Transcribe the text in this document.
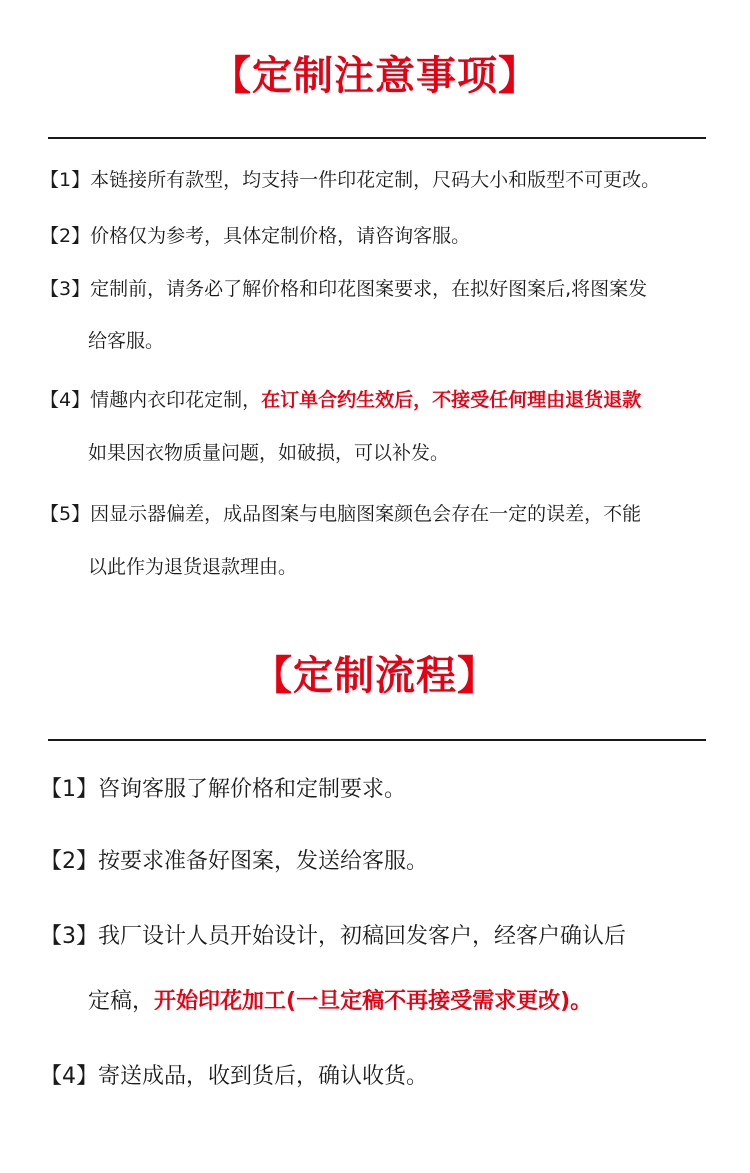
【定制注意事项】
【1】本链接所有款型，均支持一件印花定制，尺码大小和版型不可更改。
【2】价格仅为参考，具体定制价格，请咨询客服。
【3】定制前，请务必了解价格和印花图案要求，在拟好图案后,将图案发
给客服。
【4】情趣内衣印花定制，在订单合约生效后，不接受任何理由退货退款
如果因衣物质量问题，如破损，可以补发。
【5】因显示器偏差，成品图案与电脑图案颜色会存在一定的误差，不能
以此作为退货退款理由。
【定制流程】
【1】咨询客服了解价格和定制要求。
【2】按要求准备好图案，发送给客服。
【3】我厂设计人员开始设计，初稿回发客户，经客户确认后
定稿，开始印花加工(一旦定稿不再接受需求更改)。
【4】寄送成品，收到货后，确认收货。
